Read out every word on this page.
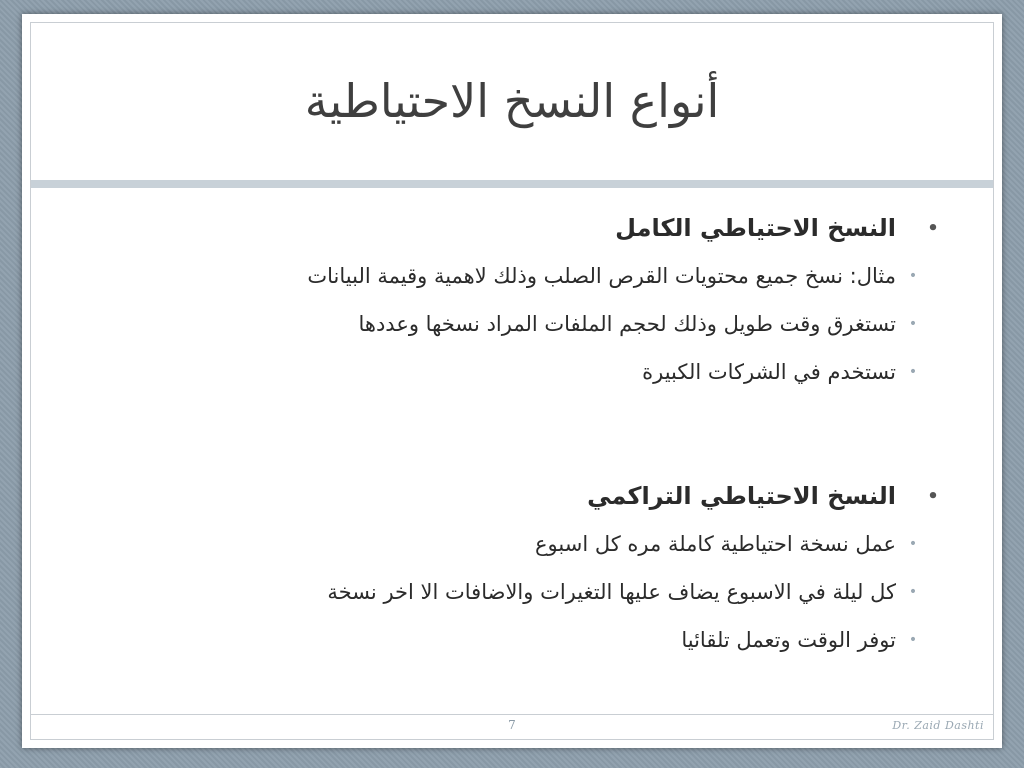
أنواع النسخ الاحتياطية
•
النسخ الاحتياطي الكامل
•
مثال: نسخ جميع محتويات القرص الصلب وذلك لاهمية وقيمة البيانات
•
تستغرق وقت طويل وذلك لحجم الملفات المراد نسخها وعددها
•
تستخدم في الشركات الكبيرة
•
النسخ الاحتياطي التراكمي
•
عمل نسخة احتياطية كاملة مره كل اسبوع
•
كل ليلة في الاسبوع يضاف عليها التغيرات والاضافات الا اخر نسخة
•
توفر الوقت وتعمل تلقائيا
7	Dr. Zaid Dashti
